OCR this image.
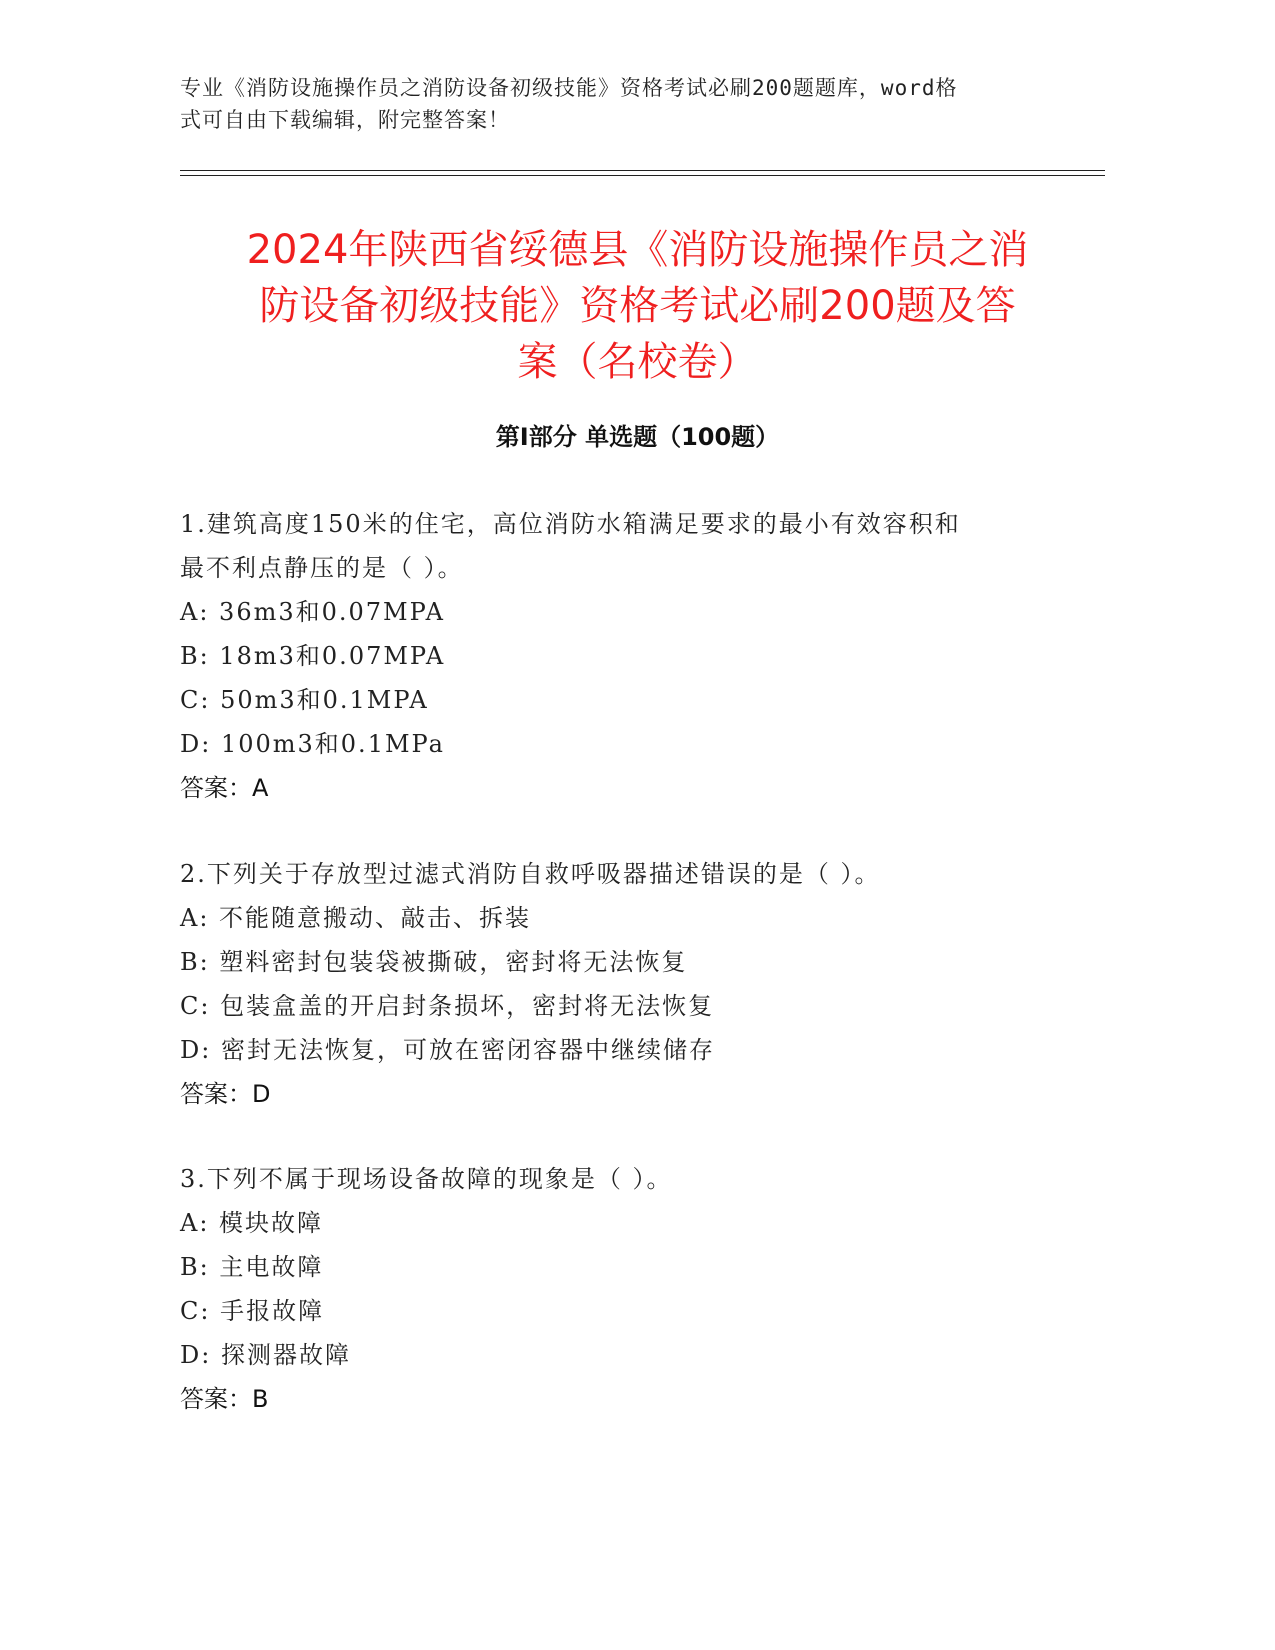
专业《消防设施操作员之消防设备初级技能》资格考试必刷200题题库，word格
式可自由下载编辑，附完整答案！
2024年陕西省绥德县《消防设施操作员之消
防设备初级技能》资格考试必刷200题及答
案（名校卷）
第Ⅰ部分 单选题（100题）

1.建筑高度150米的住宅，高位消防水箱满足要求的最小有效容积和

最不利点静压的是（ ）。

A: 36m3和0.07MPA

B: 18m3和0.07MPA

C: 50m3和0.1MPA

D: 100m3和0.1MPa

答案：A

2.下列关于存放型过滤式消防自救呼吸器描述错误的是（ ）。

A: 不能随意搬动、敲击、拆装

B: 塑料密封包装袋被撕破，密封将无法恢复

C: 包装盒盖的开启封条损坏，密封将无法恢复

D: 密封无法恢复，可放在密闭容器中继续储存

答案：D

3.下列不属于现场设备故障的现象是（ ）。

A: 模块故障

B: 主电故障

C: 手报故障

D: 探测器故障

答案：B
